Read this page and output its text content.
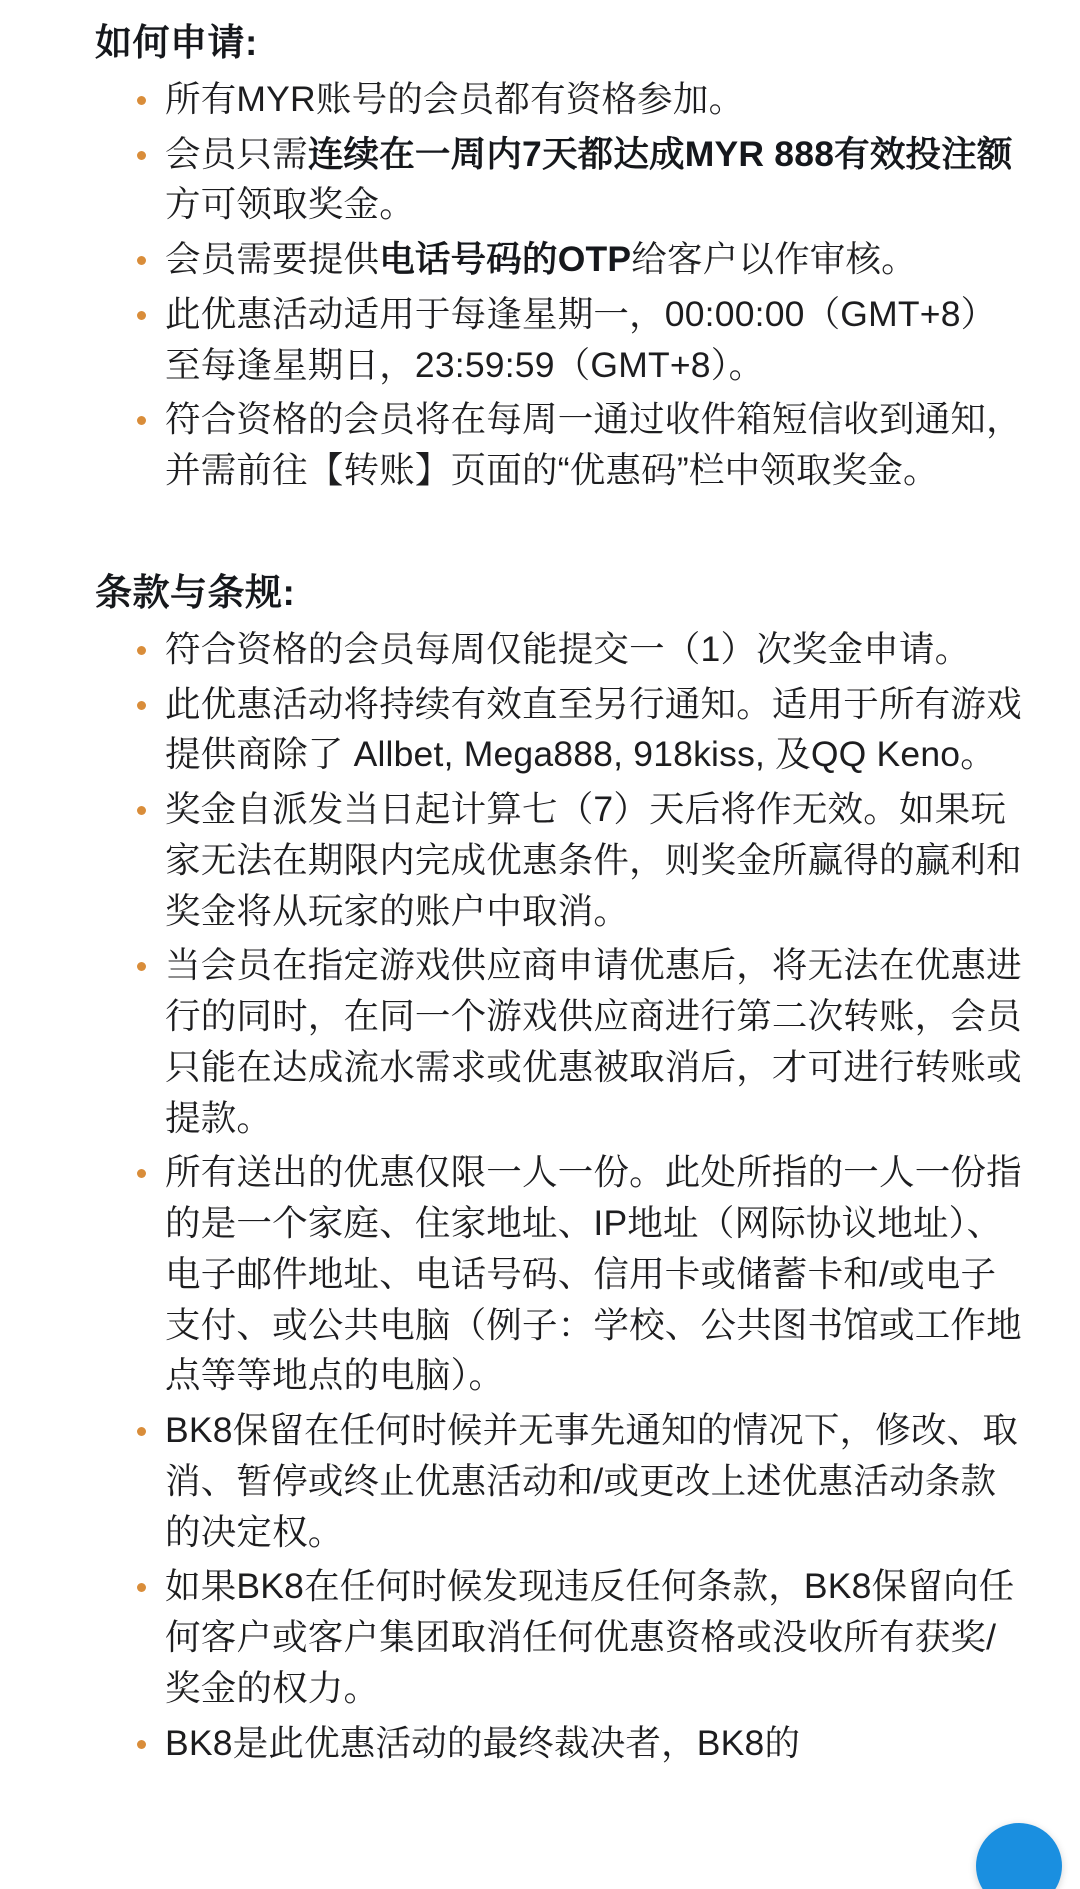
如何申请:
所有MYR账号的会员都有资格参加。
会员只需连续在一周内7天都达成MYR 888有效投注额方可领取奖金。
会员需要提供电话号码的OTP给客户以作审核。
此优惠活动适用于每逢星期一，00:00:00（GMT+8）至每逢星期日，23:59:59（GMT+8）。
符合资格的会员将在每周一通过收件箱短信收到通知，并需前往【转账】页面的“优惠码”栏中领取奖金。
条款与条规:
符合资格的会员每周仅能提交一（1）次奖金申请。
此优惠活动将持续有效直至另行通知。适用于所有游戏提供商除了 Allbet, Mega888, 918kiss, 及QQ Keno。
奖金自派发当日起计算七（7）天后将作无效。如果玩家无法在期限内完成优惠条件，则奖金所赢得的赢利和奖金将从玩家的账户中取消。
当会员在指定游戏供应商申请优惠后，将无法在优惠进行的同时，在同一个游戏供应商进行第二次转账，会员只能在达成流水需求或优惠被取消后，才可进行转账或提款。
所有送出的优惠仅限一人一份。此处所指的一人一份指的是一个家庭、住家地址、IP地址（网际协议地址）、电子邮件地址、电话号码、信用卡或储蓄卡和/或电子支付、或公共电脑（例子：学校、公共图书馆或工作地点等等地点的电脑）。
BK8保留在任何时候并无事先通知的情况下，修改、取消、暂停或终止优惠活动和/或更改上述优惠活动条款的决定权。
如果BK8在任何时候发现违反任何条款，BK8保留向任何客户或客户集团取消任何优惠资格或没收所有获奖/奖金的权力。
BK8是此优惠活动的最终裁决者，BK8的
